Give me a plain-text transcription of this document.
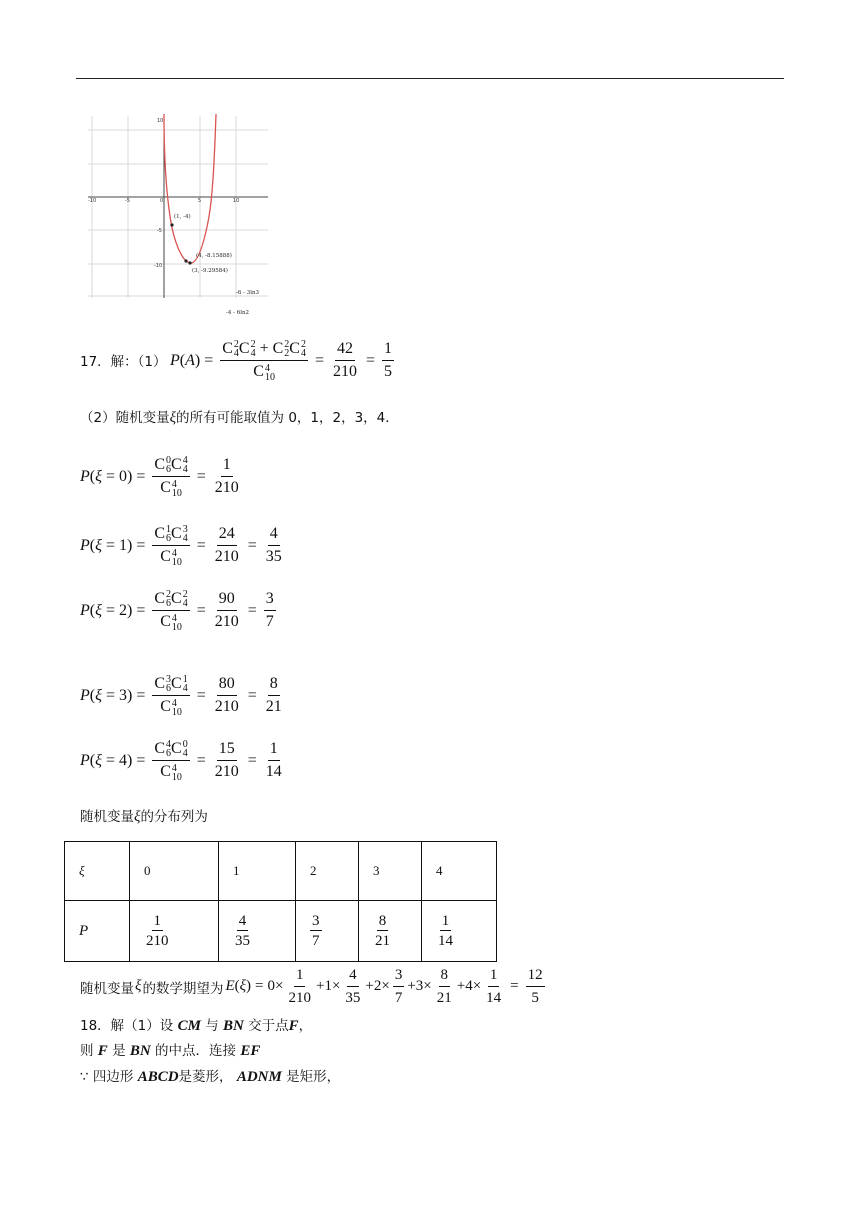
-10	-5	0	5	10
10
-5
-10
(1, -4)
(4, -8.15888)
(3, -9.29584)
-6 - 3ln3
-4 - 6ln2
17．解：（1） P ( A ) = C 2
4 C 2
4 + C 2
2 C 2
4
C 4
$10 = \frac{42}{210} = \frac{1}{5}$
（2）随机变量ξ的所有可能取值为 0，1，2，3，4．
P ( ξ = 0 ) = C 0
6 C 4
4
C 4
$10 = \frac{1}{210}$
P ( ξ = 1 ) = C 1
6 C 3
4
C 4
$10 = \frac{24}{210} = \frac{4}{35}$
P ( ξ = 2 ) = C 2
6 C 2
4
C 4
$10 = \frac{90}{210} = \frac{3}{7}$
P ( ξ = 3 ) = C 3
6 C 1
4
C 4
$10 = \frac{80}{210} = \frac{8}{21}$
P ( ξ = 4 ) = C 4
6 C 0
4
C 4
$10 = \frac{15}{210} = \frac{1}{14}$
随机变量ξ的分布列为
ξ	0	1	2	3	4
P	$\frac{1}{210}$	$\frac{4}{35}$	$\frac{3}{7}$	$\frac{8}{21}$	$\frac{1}{14}$
随机变量 ξ 的数学期望为 E ( ξ ) = $0\times \frac{1}{210} +1\times \frac{4}{35} +2\times \frac{3}{7} +3\times \frac{8}{21} +4\times \frac{1}{14} = \frac{12}{5}$
18．解（1）设 CM 与 BN 交于点F，
则 F 是 BN 的中点．连接 EF
∵ 四边形 ABCD是菱形， ADNM 是矩形，
